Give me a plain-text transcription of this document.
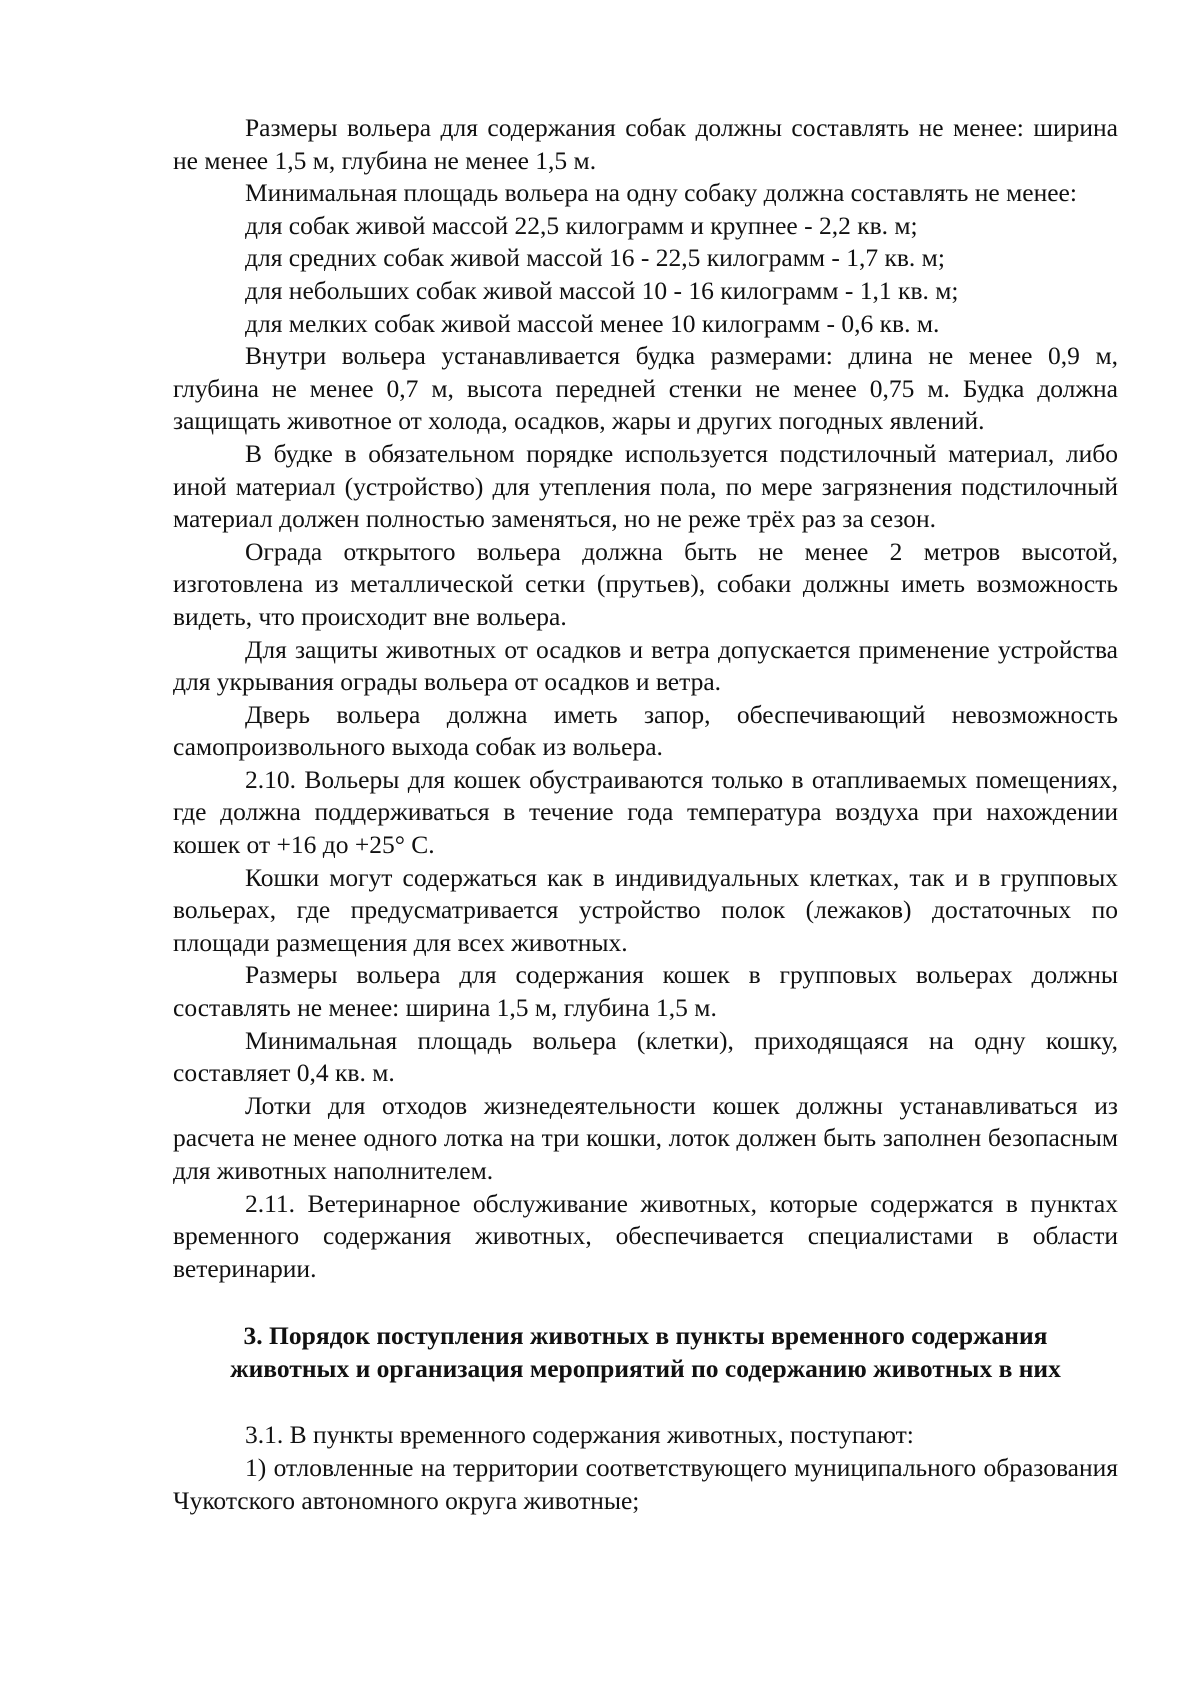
Размеры вольера для содержания собак должны составлять не менее: ширина не менее 1,5 м, глубина не менее 1,5 м.

Минимальная площадь вольера на одну собаку должна составлять не менее:

для собак живой массой 22,5 килограмм и крупнее - 2,2 кв. м;

для средних собак живой массой 16 - 22,5 килограмм - 1,7 кв. м;

для небольших собак живой массой 10 - 16 килограмм - 1,1 кв. м;

для мелких собак живой массой менее 10 килограмм - 0,6 кв. м.

Внутри вольера устанавливается будка размерами: длина не менее 0,9 м, глубина не менее 0,7 м, высота передней стенки не менее 0,75 м. Будка должна защищать животное от холода, осадков, жары и других погодных явлений.

В будке в обязательном порядке используется подстилочный материал, либо иной материал (устройство) для утепления пола, по мере загрязнения подстилочный материал должен полностью заменяться, но не реже трёх раз за сезон.

Ограда открытого вольера должна быть не менее 2 метров высотой, изготовлена из металлической сетки (прутьев), собаки должны иметь возможность видеть, что происходит вне вольера.

Для защиты животных от осадков и ветра допускается применение устройства для укрывания ограды вольера от осадков и ветра.

Дверь вольера должна иметь запор, обеспечивающий невозможность самопроизвольного выхода собак из вольера.

2.10. Вольеры для кошек обустраиваются только в отапливаемых помещениях, где должна поддерживаться в течение года температура воздуха при нахождении кошек от +16 до +25° С.

Кошки могут содержаться как в индивидуальных клетках, так и в групповых вольерах, где предусматривается устройство полок (лежаков) достаточных по площади размещения для всех животных.

Размеры вольера для содержания кошек в групповых вольерах должны составлять не менее: ширина 1,5 м, глубина 1,5 м.

Минимальная площадь вольера (клетки), приходящаяся на одну кошку, составляет 0,4 кв. м.

Лотки для отходов жизнедеятельности кошек должны устанавливаться из расчета не менее одного лотка на три кошки, лоток должен быть заполнен безопасным для животных наполнителем.

2.11. Ветеринарное обслуживание животных, которые содержатся в пунктах временного содержания животных, обеспечивается специалистами в области ветеринарии.

3. Порядок поступления животных в пункты временного содержания
животных и организация мероприятий по содержанию животных в них

3.1. В пункты временного содержания животных, поступают:

1) отловленные на территории соответствующего муниципального образования Чукотского автономного округа животные;
